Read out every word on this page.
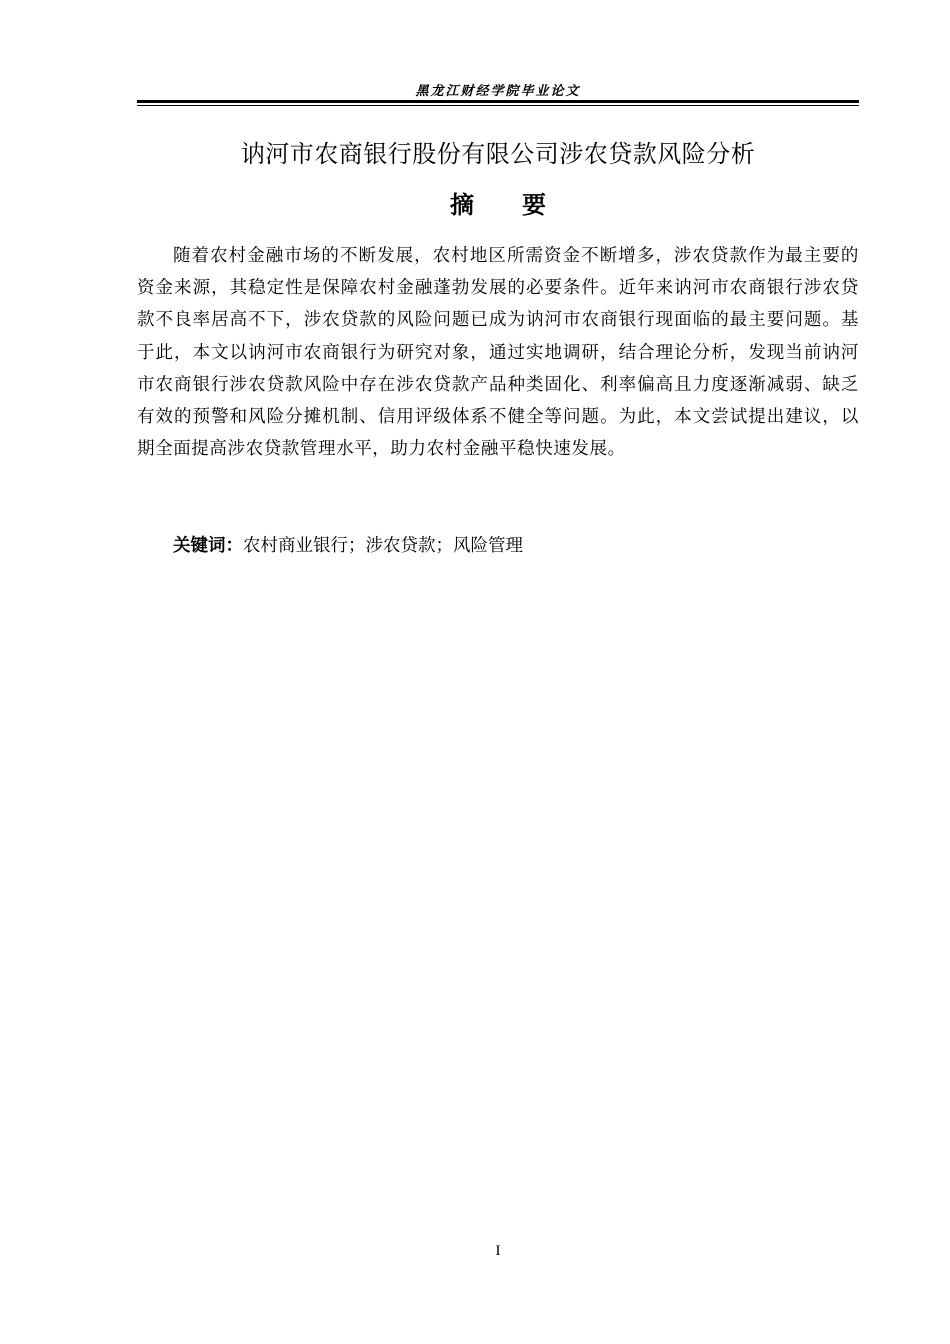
黑龙江财经学院毕业论文
讷河市农商银行股份有限公司涉农贷款风险分析
摘要

随着农村金融市场的不断发展，农村地区所需资金不断增多，涉农贷款作为最主要的资金来源，其稳定性是保障农村金融蓬勃发展的必要条件。近年来讷河市农商银行涉农贷款不良率居高不下，涉农贷款的风险问题已成为讷河市农商银行现面临的最主要问题。基于此，本文以讷河市农商银行为研究对象，通过实地调研，结合理论分析，发现当前讷河市农商银行涉农贷款风险中存在涉农贷款产品种类固化、利率偏高且力度逐渐减弱、缺乏有效的预警和风险分摊机制、信用评级体系不健全等问题。为此，本文尝试提出建议，以期全面提高涉农贷款管理水平，助力农村金融平稳快速发展。

关键词：农村商业银行；涉农贷款；风险管理
I
